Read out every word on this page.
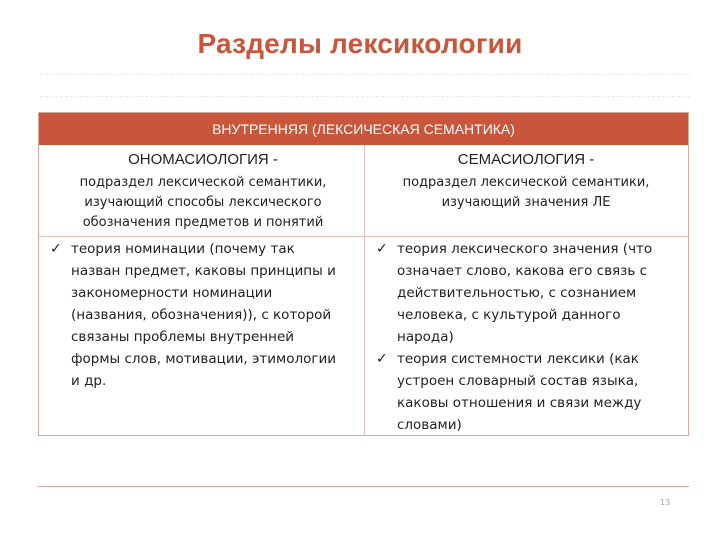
Разделы лексикологии
ВНУТРЕННЯЯ (ЛЕКСИЧЕСКАЯ СЕМАНТИКА)
ОНОМАСИОЛОГИЯ -
подраздел лексической семантики,
изучающий способы лексического
обозначения предметов и понятий
✓ теория номинации (почему так
назван предмет, каковы принципы и
закономерности номинации
(названия, обозначения)), с которой
связаны проблемы внутренней
формы слов, мотивации, этимологии
и др.
СЕМАСИОЛОГИЯ -
подраздел лексической семантики,
изучающий значения ЛЕ
✓ теория лексического значения (что
означает слово, какова его связь с
действительностью, с сознанием
человека, с культурой данного
народа)
✓ теория системности лексики (как
устроен словарный состав языка,
каковы отношения и связи между
словами)
13
